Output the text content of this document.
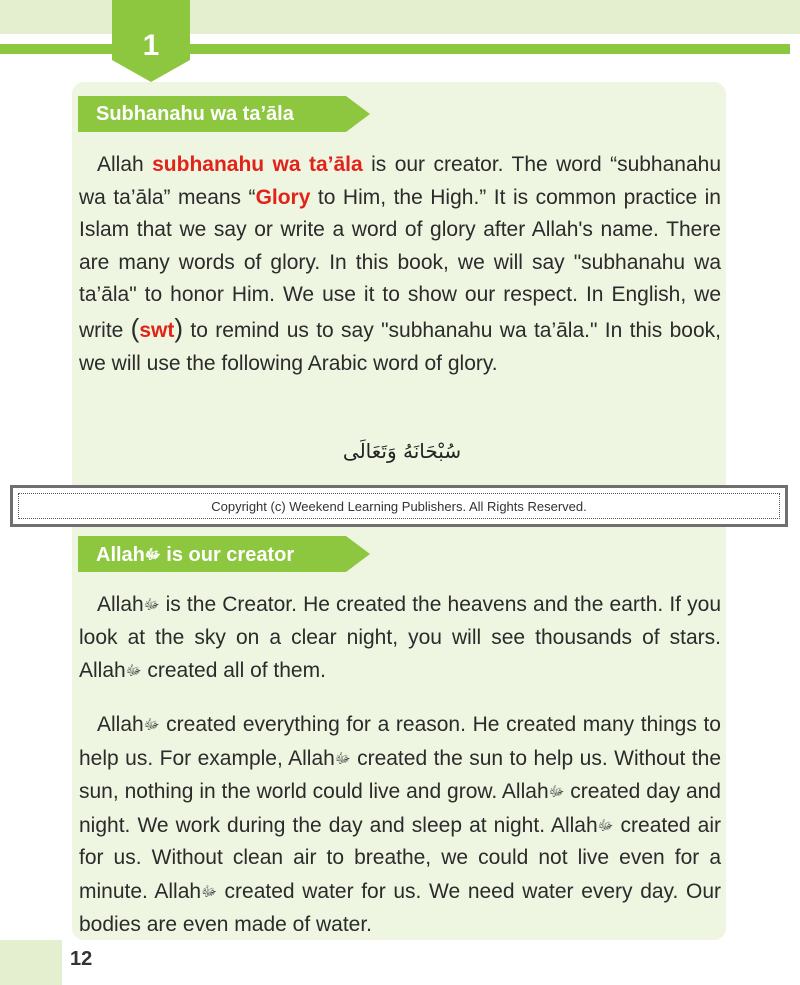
1
Subhanahu wa ta’āla

Allah subhanahu wa ta’āla is our creator. The word “subhanahu wa ta’āla” means “Glory to Him, the High.” It is common practice in Islam that we say or write a word of glory after Allah's name. There are many words of glory. In this book, we will say "subhanahu wa ta’āla" to honor Him. We use it to show our respect. In English, we write (swt) to remind us to say "subhanahu wa ta’āla." In this book, we will use the following Arabic word of glory.

سُبْحَانَهُ وَتَعَالَى
Copyright (c) Weekend Learning Publishers. All Rights Reserved.
Allahﷻ is our creator

Allahﷻ is the Creator. He created the heavens and the earth. If you look at the sky on a clear night, you will see thousands of stars. Allahﷻ created all of them.

Allahﷻ created everything for a reason. He created many things to help us. For example, Allahﷻ created the sun to help us. Without the sun, nothing in the world could live and grow. Allahﷻ created day and night. We work during the day and sleep at night. Allahﷻ created air for us. Without clean air to breathe, we could not live even for a minute. Allahﷻ created water for us. We need water every day. Our bodies are even made of water.

12
